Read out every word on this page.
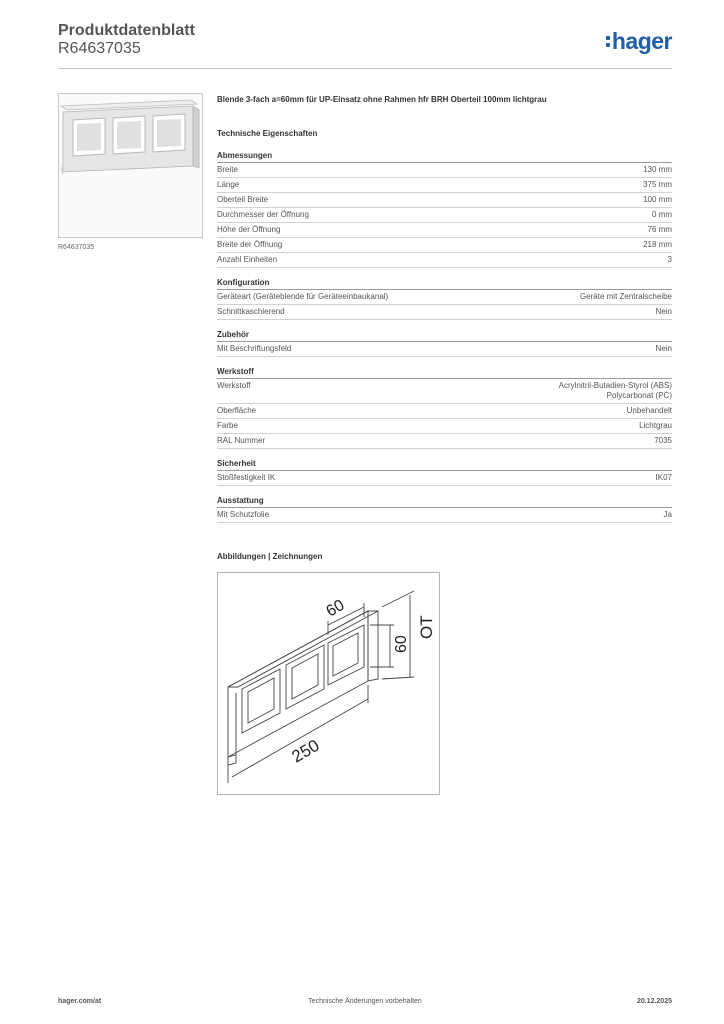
Produktdatenblatt
R64637035	hager
R64637035
Blende 3-fach a=60mm für UP-Einsatz ohne Rahmen hfr BRH Oberteil 100mm lichtgrau
Technische Eigenschaften
Abmessungen
Breite	130 mm
Länge	375 mm
Oberteil Breite	100 mm
Durchmesser der Öffnung	0 mm
Höhe der Öffnung	76 mm
Breite der Öffnung	218 mm
Anzahl Einheiten	3
Konfiguration
Geräteart (Geräteblende für Geräteeinbaukanal)	Geräte mit Zentralscheibe
Schnittkaschierend	Nein
Zubehör
Mit Beschriftungsfeld	Nein
Werkstoff
Werkstoff	Acrylnitril-Butadien-Styrol (ABS)
Polycarbonat (PC)
Oberfläche	Unbehandelt
Farbe	Lichtgrau
RAL Nummer	7035
Sicherheit
Stoßfestigkeit IK	IK07
Ausstattung
Mit Schutzfolie	Ja
Abbildungen | Zeichnungen
250
60
60
OT
hager.com/at	Technische Änderungen vorbehalten	20.12.2025
